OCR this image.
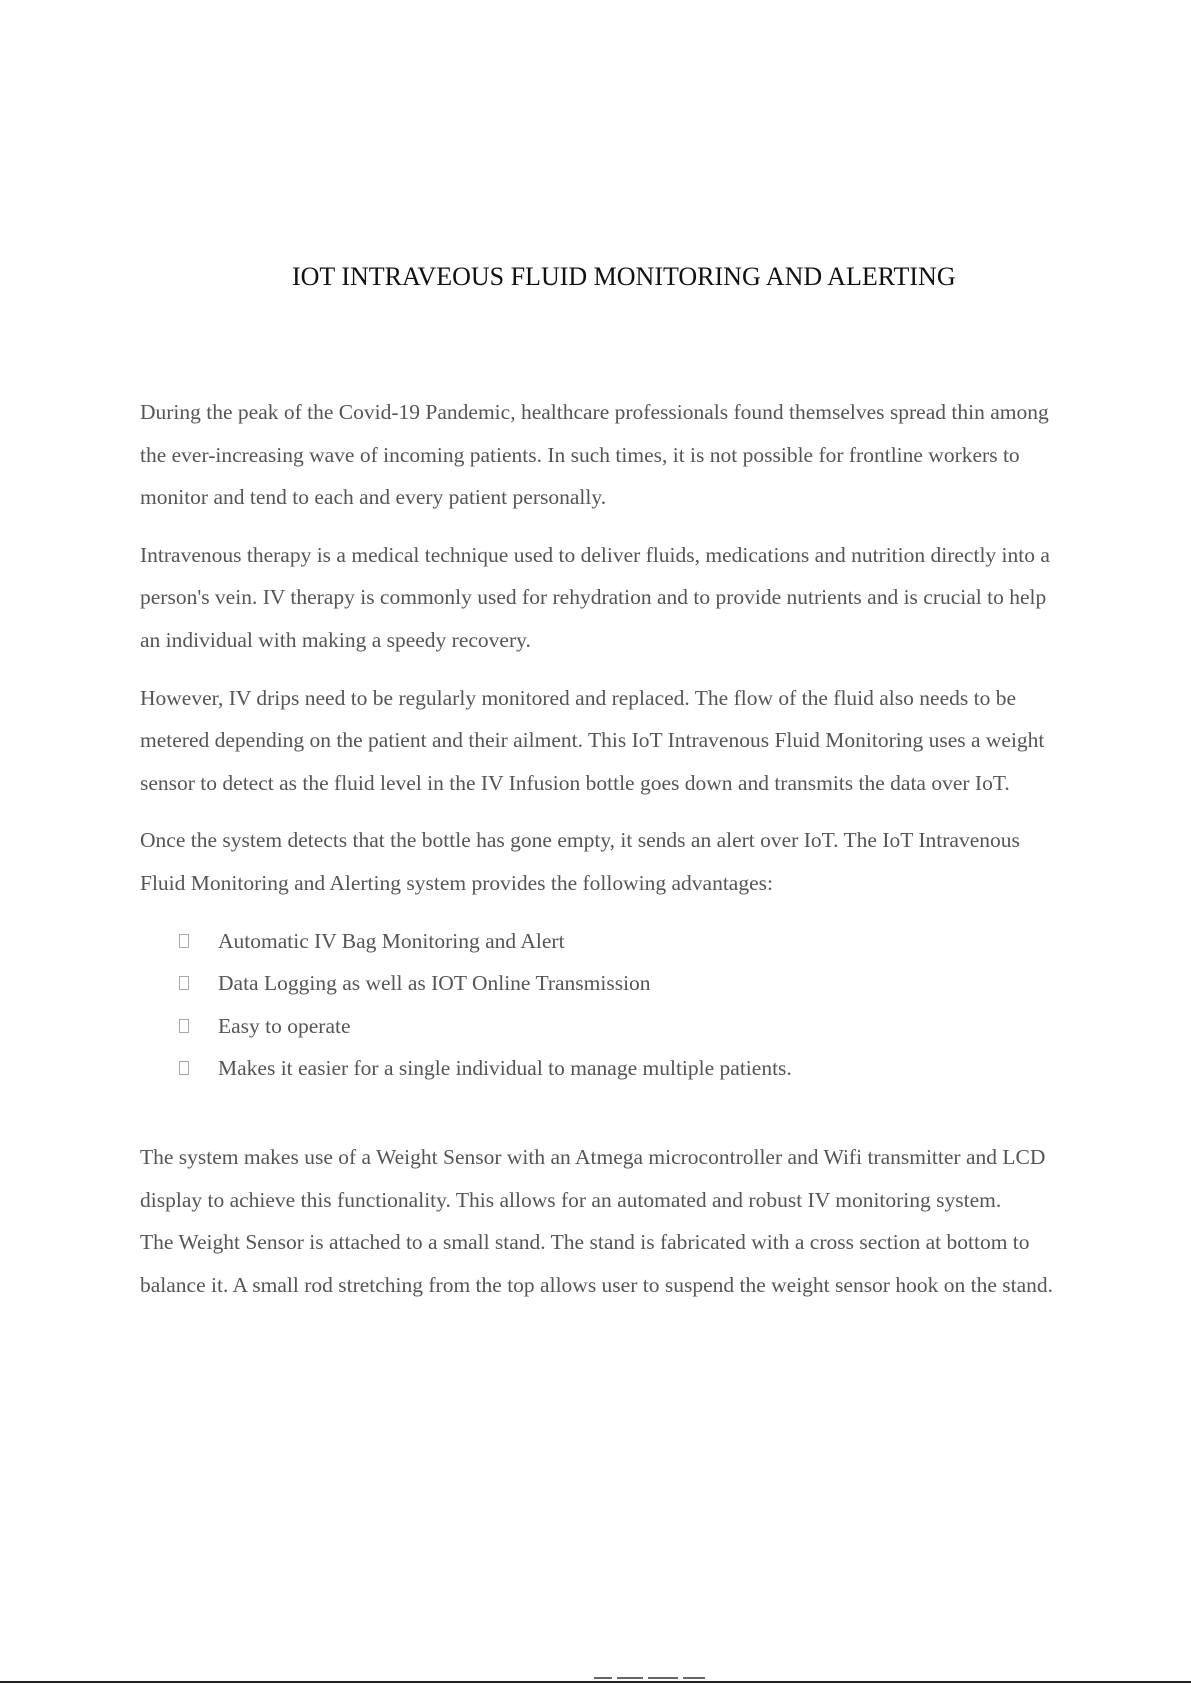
IOT INTRAVEOUS FLUID MONITORING AND ALERTING

During the peak of the Covid-19 Pandemic, healthcare professionals found themselves spread thin among the ever-increasing wave of incoming patients. In such times, it is not possible for frontline workers to monitor and tend to each and every patient personally.

Intravenous therapy is a medical technique used to deliver fluids, medications and nutrition directly into a person's vein. IV therapy is commonly used for rehydration and to provide nutrients and is crucial to help an individual with making a speedy recovery.

However, IV drips need to be regularly monitored and replaced. The flow of the fluid also needs to be metered depending on the patient and their ailment. This IoT Intravenous Fluid Monitoring uses a weight sensor to detect as the fluid level in the IV Infusion bottle goes down and transmits the data over IoT.

Once the system detects that the bottle has gone empty, it sends an alert over IoT. The IoT Intravenous Fluid Monitoring and Alerting system provides the following advantages:

Automatic IV Bag Monitoring and Alert
Data Logging as well as IOT Online Transmission
Easy to operate
Makes it easier for a single individual to manage multiple patients.

The system makes use of a Weight Sensor with an Atmega microcontroller and Wifi transmitter and LCD display to achieve this functionality. This allows for an automated and robust IV monitoring system.

The Weight Sensor is attached to a small stand. The stand is fabricated with a cross section at bottom to balance it. A small rod stretching from the top allows user to suspend the weight sensor hook on the stand.
